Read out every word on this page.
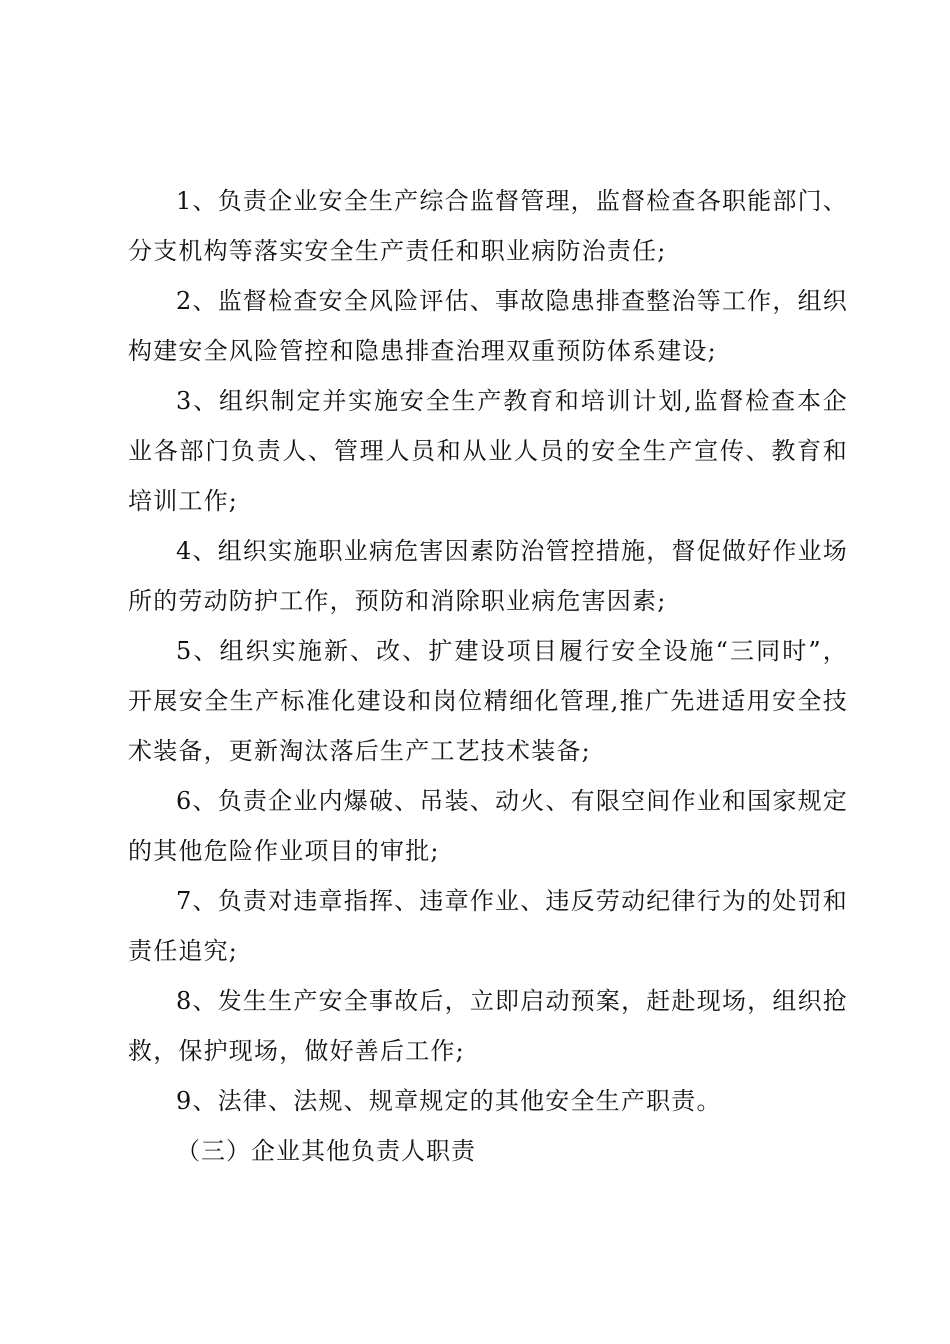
1、负责企业安全生产综合监督管理，监督检查各职能部门、分支机构等落实安全生产责任和职业病防治责任;

2、监督检查安全风险评估、事故隐患排查整治等工作，组织构建安全风险管控和隐患排查治理双重预防体系建设;

3、组织制定并实施安全生产教育和培训计划,监督检查本企业各部门负责人、管理人员和从业人员的安全生产宣传、教育和培训工作;

4、组织实施职业病危害因素防治管控措施，督促做好作业场所的劳动防护工作，预防和消除职业病危害因素;

5、组织实施新、改、扩建设项目履行安全设施“三同时”，开展安全生产标准化建设和岗位精细化管理,推广先进适用安全技术装备，更新淘汰落后生产工艺技术装备;

6、负责企业内爆破、吊装、动火、有限空间作业和国家规定的其他危险作业项目的审批;

7、负责对违章指挥、违章作业、违反劳动纪律行为的处罚和责任追究;

8、发生生产安全事故后，立即启动预案，赶赴现场，组织抢救，保护现场，做好善后工作;

9、法律、法规、规章规定的其他安全生产职责。

（三）企业其他负责人职责
